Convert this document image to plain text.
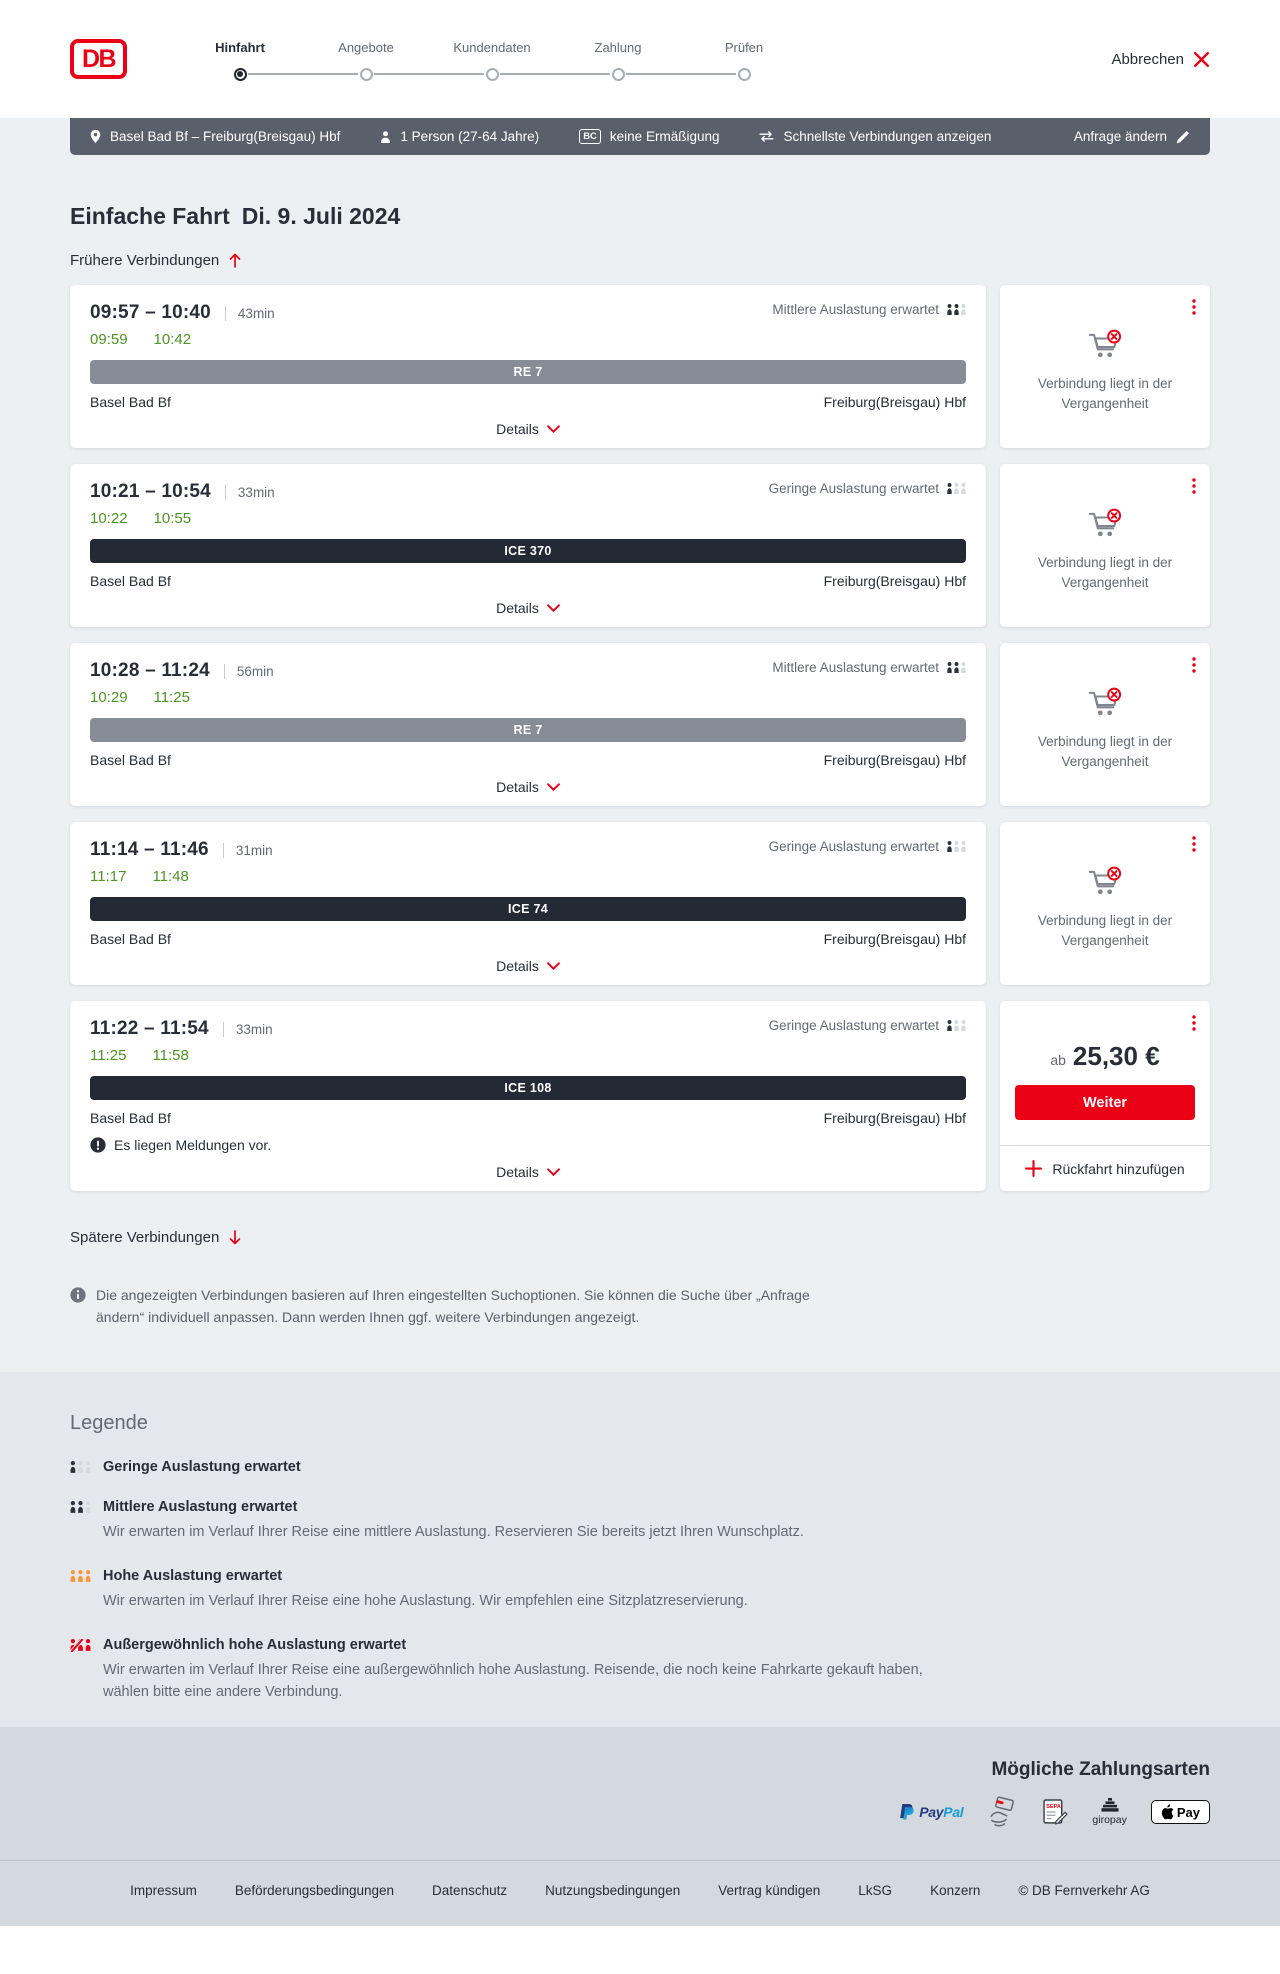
DB	Hinfahrt	Angebote	Kundendaten	Zahlung	Prüfen
Abbrechen
Basel Bad Bf – Freiburg(Breisgau) Hbf	1 Person (27-64 Jahre)	BC keine Ermäßigung	Schnellste Verbindungen anzeigen	Anfrage ändern
Einfache Fahrt Di. 9. Juli 2024
Frühere Verbindungen
09:57 – 10:40 43min	Mittlere Auslastung erwartet
09:59 10:42
RE 7
Basel Bad Bf	Freiburg(Breisgau) Hbf
Details
Verbindung liegt in der Vergangenheit
10:21 – 10:54 33min	Geringe Auslastung erwartet
10:22 10:55
ICE 370
Basel Bad Bf	Freiburg(Breisgau) Hbf
Details
Verbindung liegt in der Vergangenheit
10:28 – 11:24 56min	Mittlere Auslastung erwartet
10:29 11:25
RE 7
Basel Bad Bf	Freiburg(Breisgau) Hbf
Details
Verbindung liegt in der Vergangenheit
11:14 – 11:46 31min	Geringe Auslastung erwartet
11:17 11:48
ICE 74
Basel Bad Bf	Freiburg(Breisgau) Hbf
Details
Verbindung liegt in der Vergangenheit
11:22 – 11:54 33min	Geringe Auslastung erwartet
11:25 11:58
ICE 108
Basel Bad Bf	Freiburg(Breisgau) Hbf
Es liegen Meldungen vor.
Details
ab 25,30 €
Weiter
Rückfahrt hinzufügen
Spätere Verbindungen

Die angezeigten Verbindungen basieren auf Ihren eingestellten Suchoptionen. Sie können die Suche über „Anfrage ändern“ individuell anpassen. Dann werden Ihnen ggf. weitere Verbindungen angezeigt.

Legende
Geringe Auslastung erwartet
Mittlere Auslastung erwartet
Wir erwarten im Verlauf Ihrer Reise eine mittlere Auslastung. Reservieren Sie bereits jetzt Ihren Wunschplatz.
Hohe Auslastung erwartet
Wir erwarten im Verlauf Ihrer Reise eine hohe Auslastung. Wir empfehlen eine Sitzplatzreservierung.
Außergewöhnlich hohe Auslastung erwartet
Wir erwarten im Verlauf Ihrer Reise eine außergewöhnlich hohe Auslastung. Reisende, die noch keine Fahrkarte gekauft haben, wählen bitte eine andere Verbindung.
Mögliche Zahlungsarten
PayPal	SEPA
giropay
Pay
Impressum	Beförderungsbedingungen	Datenschutz	Nutzungsbedingungen	Vertrag kündigen	LkSG	Konzern	© DB Fernverkehr AG
